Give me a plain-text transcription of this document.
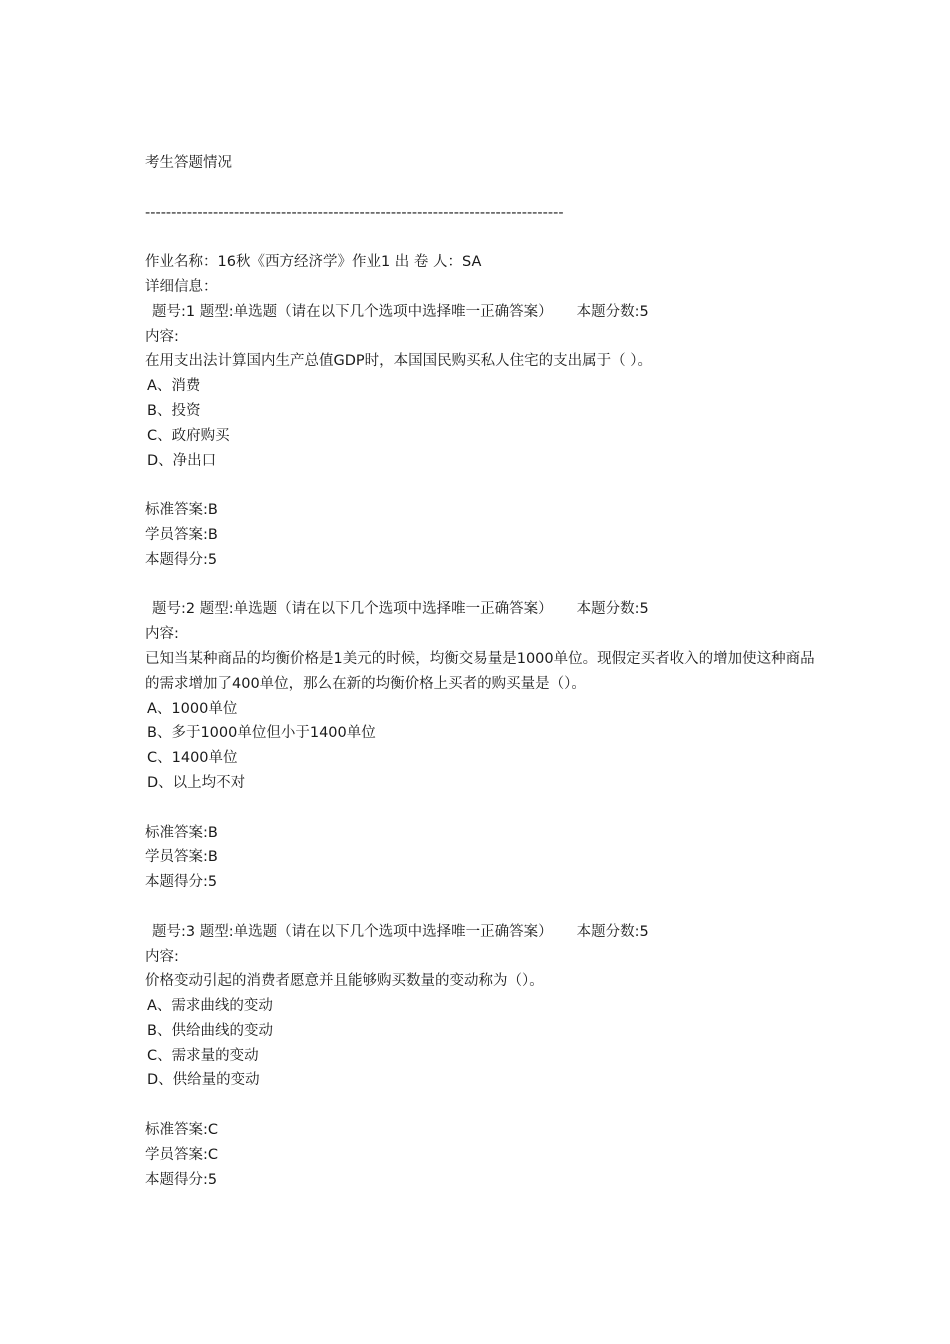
考生答题情况
--------------------------------------------------------------------------------
作业名称：16秋《西方经济学》作业1 出 卷 人：SA
详细信息：
题号:1 题型:单选题（请在以下几个选项中选择唯一正确答案） 本题分数:5
内容:
在用支出法计算国内生产总值GDP时，本国国民购买私人住宅的支出属于（ ）。
A、消费
B、投资
C、政府购买
D、净出口
标准答案:B
学员答案:B
本题得分:5
题号:2 题型:单选题（请在以下几个选项中选择唯一正确答案） 本题分数:5
内容:
已知当某种商品的均衡价格是1美元的时候，均衡交易量是1000单位。现假定买者收入的增加使这种商品的需求增加了400单位，那么在新的均衡价格上买者的购买量是（）。
A、1000单位
B、多于1000单位但小于1400单位
C、1400单位
D、以上均不对
标准答案:B
学员答案:B
本题得分:5
题号:3 题型:单选题（请在以下几个选项中选择唯一正确答案） 本题分数:5
内容:
价格变动引起的消费者愿意并且能够购买数量的变动称为（）。
A、需求曲线的变动
B、供给曲线的变动
C、需求量的变动
D、供给量的变动
标准答案:C
学员答案:C
本题得分:5
